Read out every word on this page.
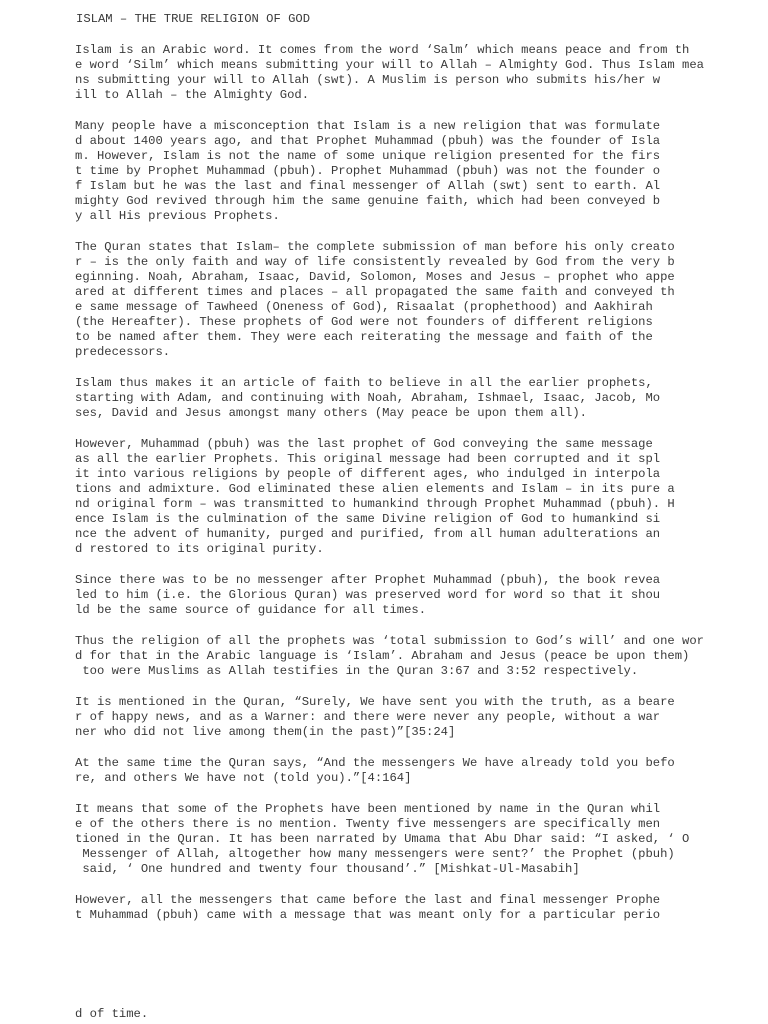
ISLAM – THE TRUE RELIGION OF GOD

Islam is an Arabic word. It comes from the word ‘Salm’ which means peace and from th
e word ‘Silm’ which means submitting your will to Allah – Almighty God. Thus Islam mea
ns submitting your will to Allah (swt). A Muslim is person who submits his/her w
ill to Allah – the Almighty God.

Many people have a misconception that Islam is a new religion that was formulate
d about 1400 years ago, and that Prophet Muhammad (pbuh) was the founder of Isla
m. However, Islam is not the name of some unique religion presented for the firs
t time by Prophet Muhammad (pbuh). Prophet Muhammad (pbuh) was not the founder o
f Islam but he was the last and final messenger of Allah (swt) sent to earth. Al
mighty God revived through him the same genuine faith, which had been conveyed b
y all His previous Prophets.

The Quran states that Islam– the complete submission of man before his only creato
r – is the only faith and way of life consistently revealed by God from the very b
eginning. Noah, Abraham, Isaac, David, Solomon, Moses and Jesus – prophet who appe
ared at different times and places – all propagated the same faith and conveyed th
e same message of Tawheed (Oneness of God), Risaalat (prophethood) and Aakhirah
(the Hereafter). These prophets of God were not founders of different religions
to be named after them. They were each reiterating the message and faith of the
predecessors.

Islam thus makes it an article of faith to believe in all the earlier prophets,
starting with Adam, and continuing with Noah, Abraham, Ishmael, Isaac, Jacob, Mo
ses, David and Jesus amongst many others (May peace be upon them all).

However, Muhammad (pbuh) was the last prophet of God conveying the same message
as all the earlier Prophets. This original message had been corrupted and it spl
it into various religions by people of different ages, who indulged in interpola
tions and admixture. God eliminated these alien elements and Islam – in its pure a
nd original form – was transmitted to humankind through Prophet Muhammad (pbuh). H
ence Islam is the culmination of the same Divine religion of God to humankind si
nce the advent of humanity, purged and purified, from all human adulterations an
d restored to its original purity.

Since there was to be no messenger after Prophet Muhammad (pbuh), the book revea
led to him (i.e. the Glorious Quran) was preserved word for word so that it shou
ld be the same source of guidance for all times.

Thus the religion of all the prophets was ‘total submission to God’s will’ and one wor
d for that in the Arabic language is ‘Islam’. Abraham and Jesus (peace be upon them)
too were Muslims as Allah testifies in the Quran 3:67 and 3:52 respectively.

It is mentioned in the Quran, “Surely, We have sent you with the truth, as a beare
r of happy news, and as a Warner: and there were never any people, without a war
ner who did not live among them(in the past)”[35:24]

At the same time the Quran says, “And the messengers We have already told you befo
re, and others We have not (told you).”[4:164]

It means that some of the Prophets have been mentioned by name in the Quran whil
e of the others there is no mention. Twenty five messengers are specifically men
tioned in the Quran. It has been narrated by Umama that Abu Dhar said: “I asked, ‘ O
Messenger of Allah, altogether how many messengers were sent?’ the Prophet (pbuh)
said, ‘ One hundred and twenty four thousand’.” [Mishkat-Ul-Masabih]

However, all the messengers that came before the last and final messenger Prophe
t Muhammad (pbuh) came with a message that was meant only for a particular perio

d of time.
